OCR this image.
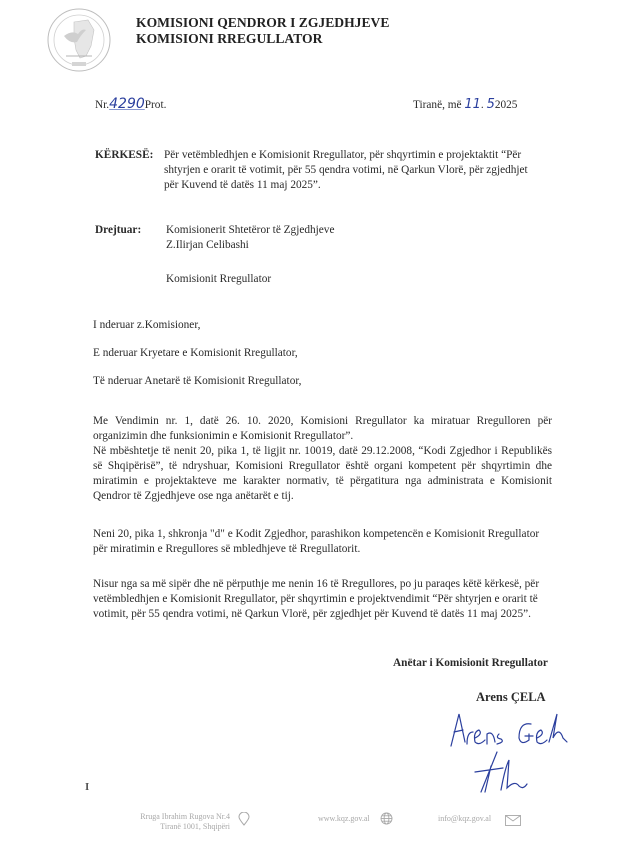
KOMISIONI QENDROR I ZGJEDHJEVE
KOMISIONI RREGULLATOR
Nr.4290Prot.	Tiranë, më 11. 52025
KËRKESË: Për vetëmbledhjen e Komisionit Rregullator, për shqyrtimin e projektaktit “Për
shtyrjen e orarit të votimit, për 55 qendra votimi, në Qarkun Vlorë, për zgjedhjet
për Kuvend të datës 11 maj 2025”.
Drejtuar: Komisionerit Shtetëror të Zgjedhjeve
Z.Ilirjan Celibashi
Komisionit Rregullator
I nderuar z.Komisioner,
E nderuar Kryetare e Komisionit Rregullator,
Të nderuar Anetarë të Komisionit Rregullator,
Me Vendimin nr. 1, datë 26. 10. 2020, Komisioni Rregullator ka miratuar Rregulloren për organizimin dhe funksionimin e Komisionit Rregullator”.
Në mbështetje të nenit 20, pika 1, të ligjit nr. 10019, datë 29.12.2008, “Kodi Zgjedhor i Republikës së Shqipërisë”, të ndryshuar, Komisioni Rregullator është organi kompetent për shqyrtimin dhe miratimin e projektakteve me karakter normativ, të përgatitura nga administrata e Komisionit Qendror të Zgjedhjeve ose nga anëtarët e tij.
Neni 20, pika 1, shkronja "d" e Kodit Zgjedhor, parashikon kompetencën e Komisionit Rregullator
për miratimin e Rregullores së mbledhjeve të Rregullatorit.
Nisur nga sa më sipër dhe në përputhje me nenin 16 të Rregullores, po ju paraqes këtë kërkesë, për
vetëmbledhjen e Komisionit Rregullator, për shqyrtimin e projektvendimit “Për shtyrjen e orarit të
votimit, për 55 qendra votimi, në Qarkun Vlorë, për zgjedhjet për Kuvend të datës 11 maj 2025”.
Anëtar i Komisionit Rregullator
Arens ÇELA
I
Rruga Ibrahim Rugova Nr.4
Tiranë 1001, Shqipëri
www.kqz.gov.al	info@kqz.gov.al
